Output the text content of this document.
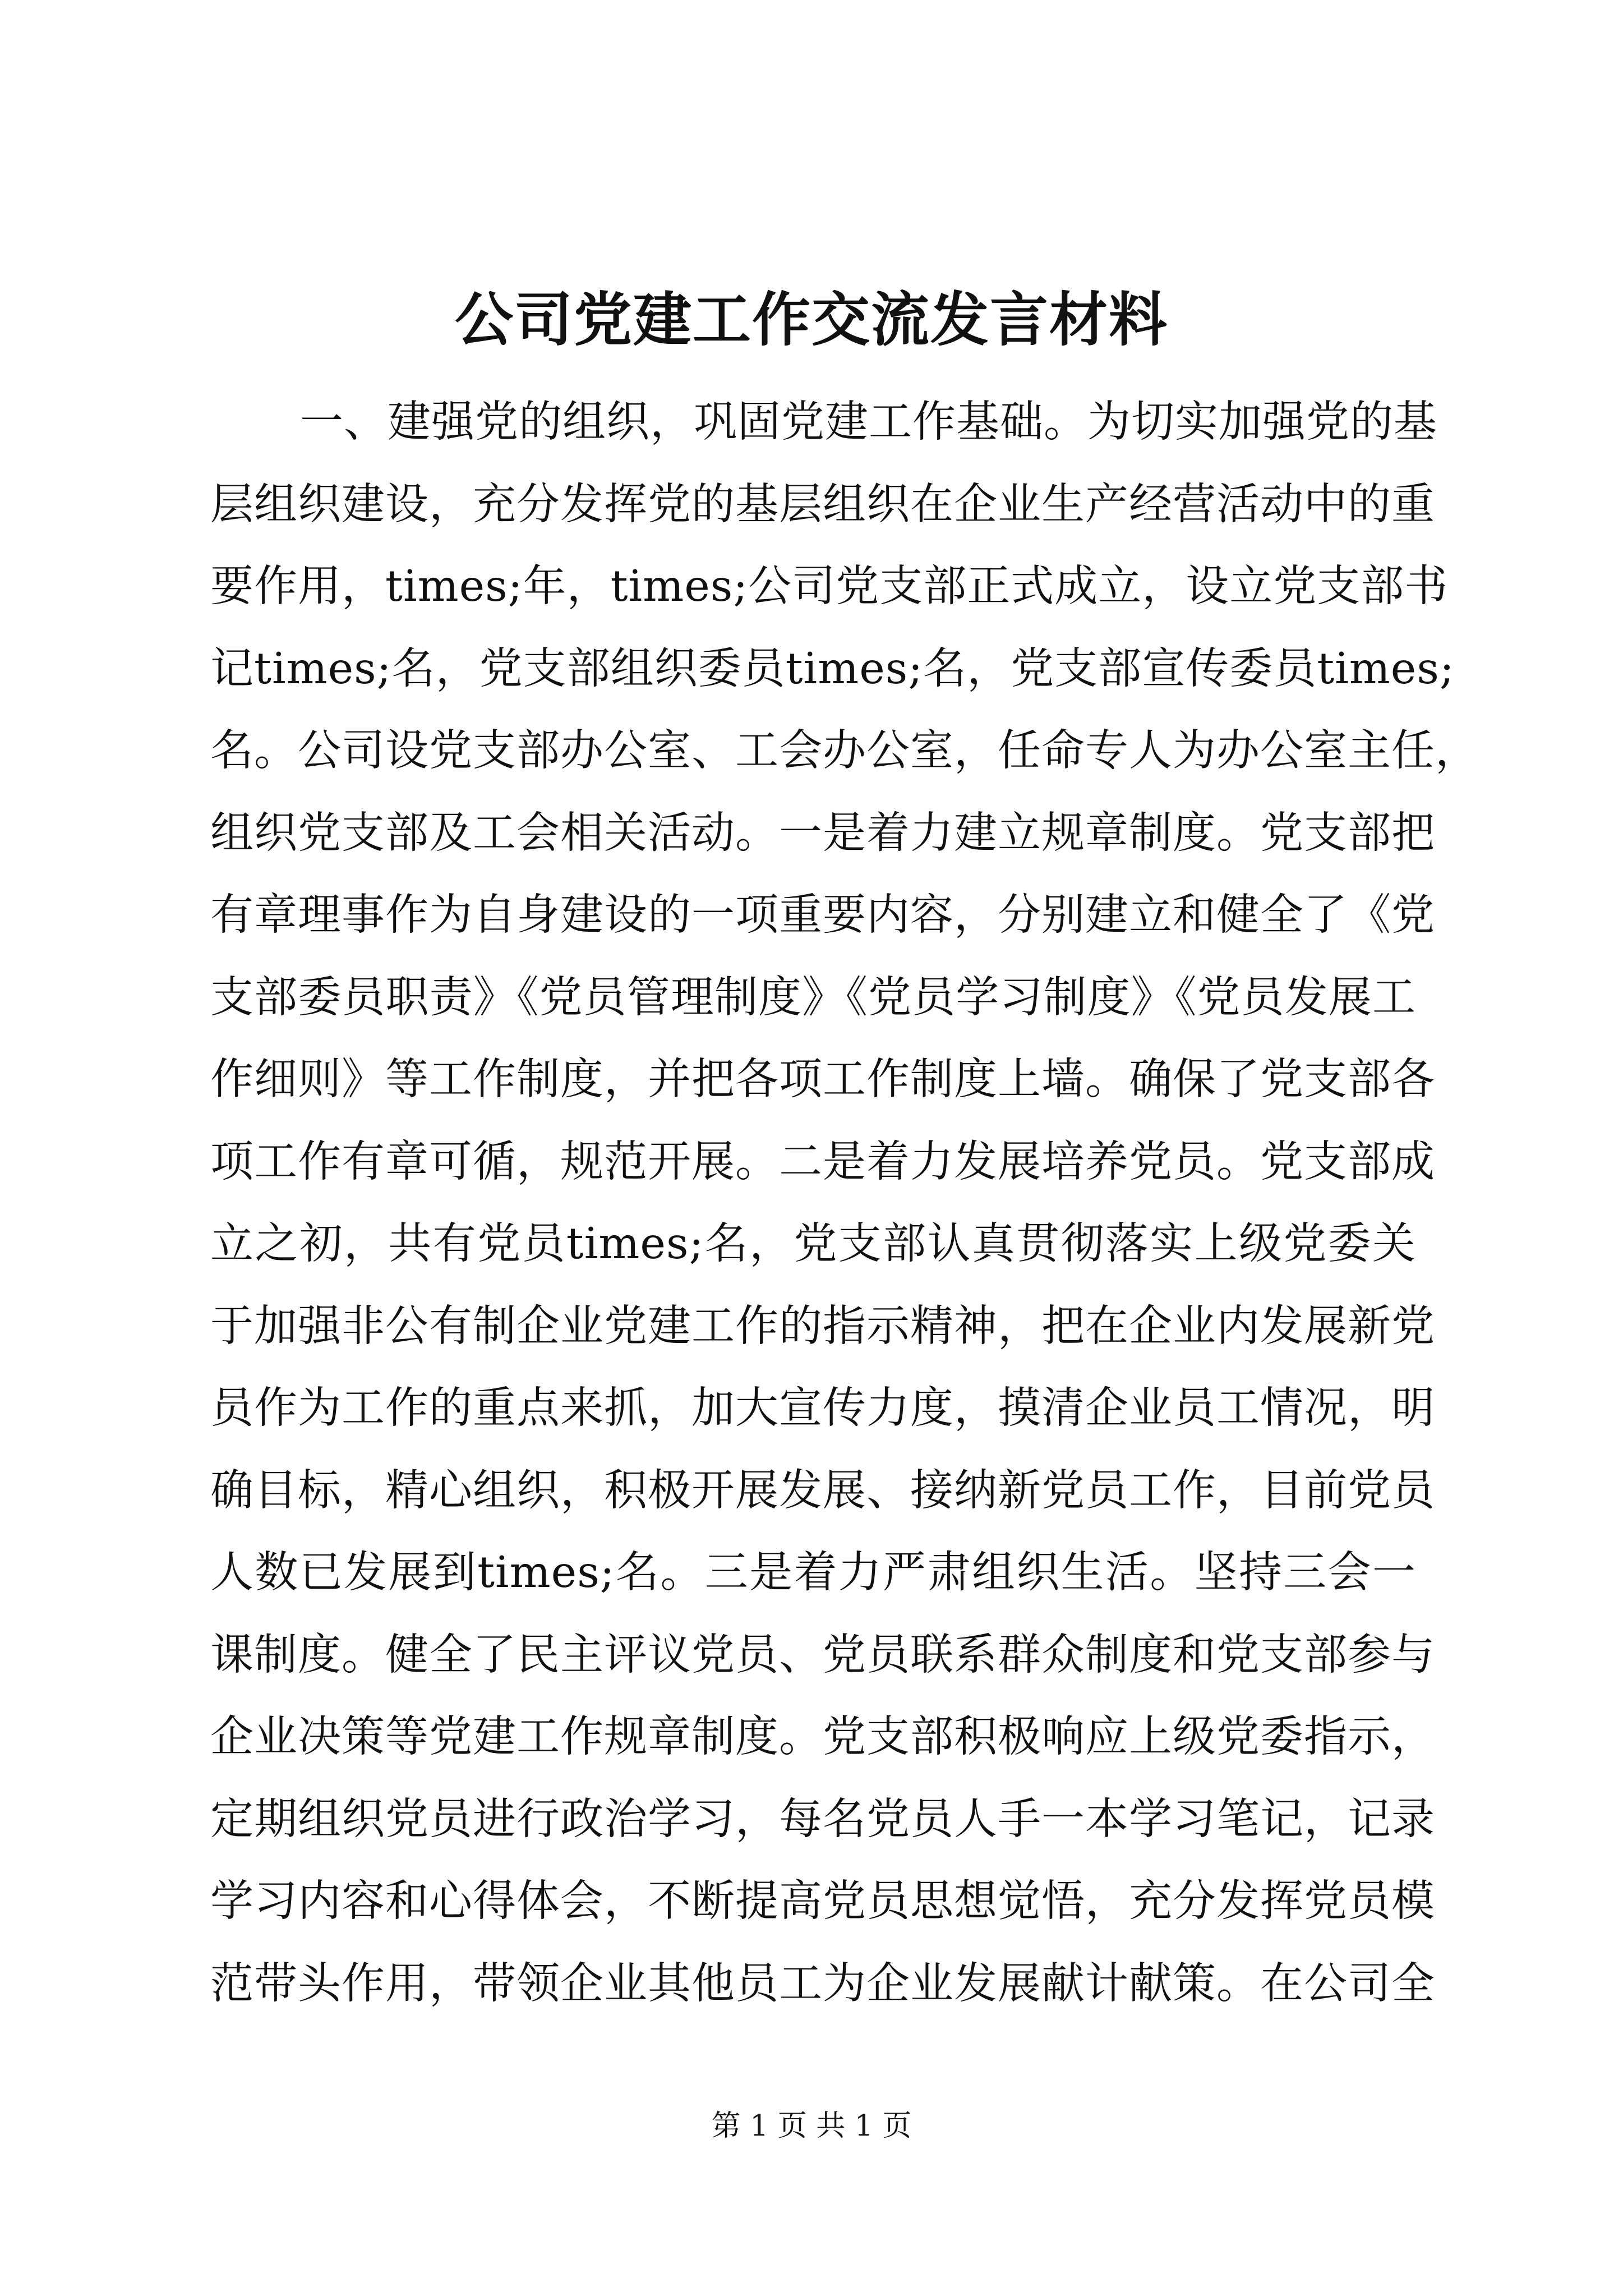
公司党建工作交流发言材料
一、建强党的组织，巩固党建工作基础。为切实加强党的基
层组织建设，充分发挥党的基层组织在企业生产经营活动中的重
要作用，times;年，times;公司党支部正式成立，设立党支部书
记times;名，党支部组织委员times;名，党支部宣传委员times;
名。公司设党支部办公室、工会办公室，任命专人为办公室主任，
组织党支部及工会相关活动。一是着力建立规章制度。党支部把
有章理事作为自身建设的一项重要内容，分别建立和健全了《党
支部委员职责》《党员管理制度》《党员学习制度》《党员发展工
作细则》等工作制度，并把各项工作制度上墙。确保了党支部各
项工作有章可循，规范开展。二是着力发展培养党员。党支部成
立之初，共有党员times;名，党支部认真贯彻落实上级党委关
于加强非公有制企业党建工作的指示精神，把在企业内发展新党
员作为工作的重点来抓，加大宣传力度，摸清企业员工情况，明
确目标，精心组织，积极开展发展、接纳新党员工作，目前党员
人数已发展到times;名。三是着力严肃组织生活。坚持三会一
课制度。健全了民主评议党员、党员联系群众制度和党支部参与
企业决策等党建工作规章制度。党支部积极响应上级党委指示，
定期组织党员进行政治学习，每名党员人手一本学习笔记，记录
学习内容和心得体会，不断提高党员思想觉悟，充分发挥党员模
范带头作用，带领企业其他员工为企业发展献计献策。在公司全
第 1 页 共 1 页
